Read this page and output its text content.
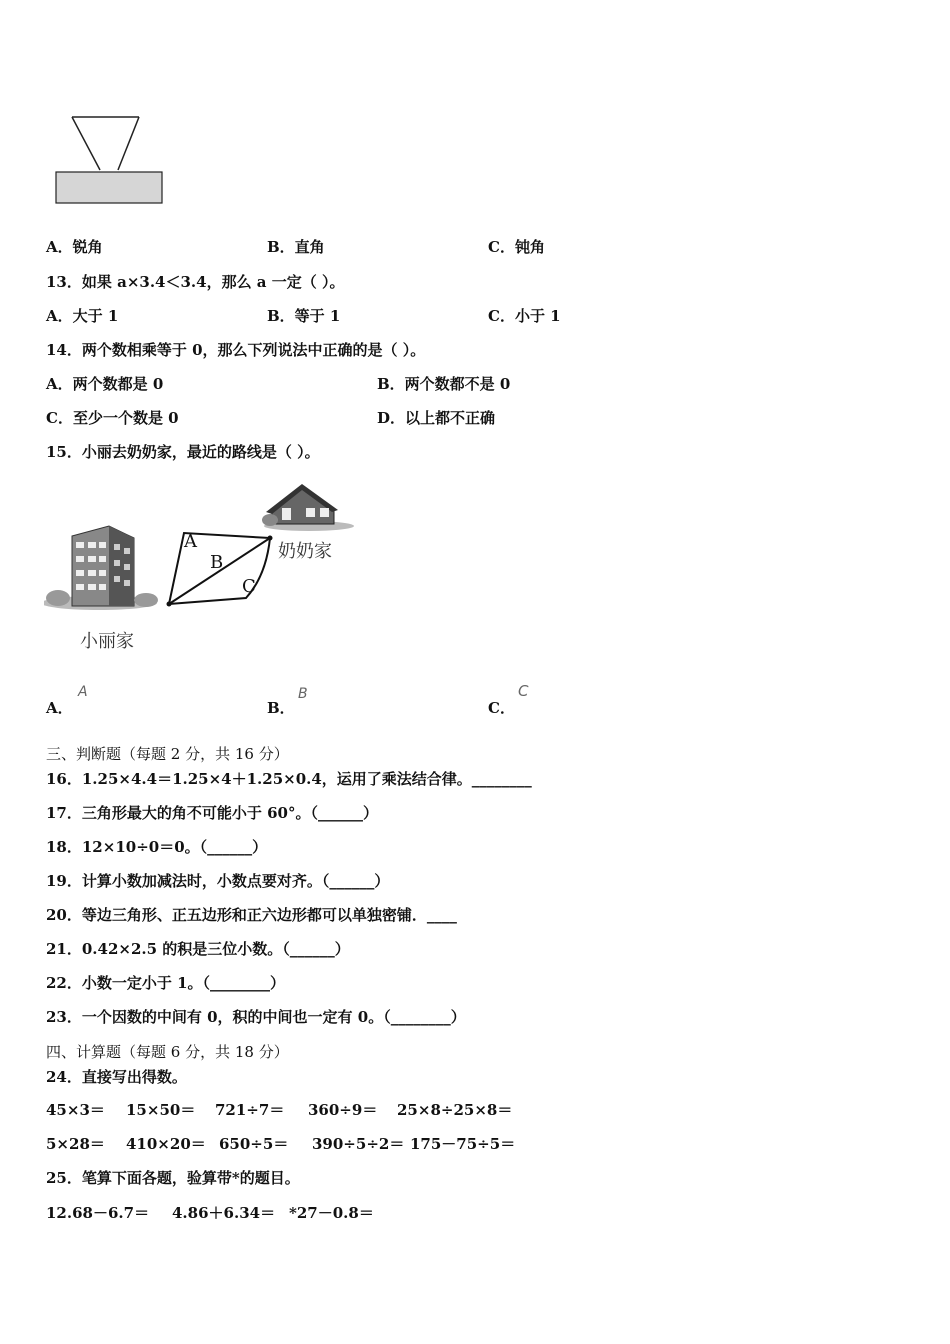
A．锐角	B．直角	C．钝角
13．如果 a×3.4＜3.4，那么 a 一定（ ）。
A．大于 1	B．等于 1	C．小于 1
14．两个数相乘等于 0，那么下列说法中正确的是（ ）。
A．两个数都是 0	B．两个数都不是 0
C．至少一个数是 0	D．以上都不正确
15．小丽去奶奶家，最近的路线是（ ）。
A
B
C
奶奶家
小丽家
A．
A
B．
B
C．
C
三、判断题（每题 2 分，共 16 分）
16．1.25×4.4＝1.25×4＋1.25×0.4，运用了乘法结合律。________
17．三角形最大的角不可能小于 60°。（______）
18．12×10÷0＝0。（______）
19．计算小数加减法时，小数点要对齐。（______）
20．等边三角形、正五边形和正六边形都可以单独密铺．____
21．0.42×2.5 的积是三位小数。（______）
22．小数一定小于 1。（________）
23．一个因数的中间有 0，积的中间也一定有 0。（________）
四、计算题（每题 6 分，共 18 分）
24．直接写出得数。
45×3＝ 15×50＝ 721÷7＝ 360÷9＝ 25×8÷25×8＝
5×28＝ 410×20＝ 650÷5＝ 390÷5÷2＝ 175－75÷5＝
25．笔算下面各题，验算带*的题目。
12.68－6.7＝ 4.86＋6.34＝ *27－0.8＝
